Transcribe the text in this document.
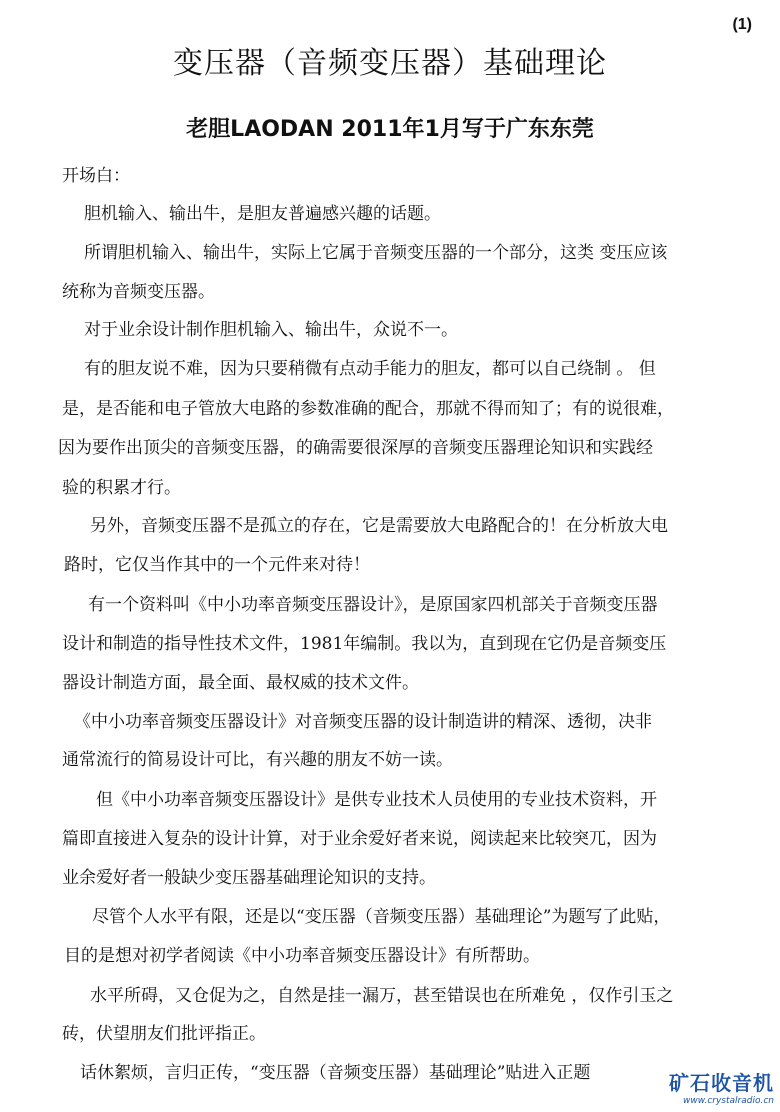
(1)
变压器（音频变压器）基础理论
老胆LAODAN 2011年1月写于广东东莞
开场白：
胆机输入、输出牛，是胆友普遍感兴趣的话题。
所谓胆机输入、输出牛，实际上它属于音频变压器的一个部分，这类 变压应该
统称为音频变压器。
对于业余设计制作胆机输入、输出牛，众说不一。
有的胆友说不难，因为只要稍微有点动手能力的胆友，都可以自己绕制 。 但
是，是否能和电子管放大电路的参数准确的配合，那就不得而知了；有的说很难，
因为要作出顶尖的音频变压器，的确需要很深厚的音频变压器理论知识和实践经
验的积累才行。
另外，音频变压器不是孤立的存在，它是需要放大电路配合的！在分析放大电
路时，它仅当作其中的一个元件来对待！
有一个资料叫《中小功率音频变压器设计》，是原国家四机部关于音频变压器
设计和制造的指导性技术文件，1981年编制。我以为，直到现在它仍是音频变压
器设计制造方面，最全面、最权威的技术文件。
《中小功率音频变压器设计》对音频变压器的设计制造讲的精深、透彻，决非
通常流行的简易设计可比，有兴趣的朋友不妨一读。
但《中小功率音频变压器设计》是供专业技术人员使用的专业技术资料，开
篇即直接进入复杂的设计计算，对于业余爱好者来说，阅读起来比较突兀，因为
业余爱好者一般缺少变压器基础理论知识的支持。
尽管个人水平有限，还是以“变压器（音频变压器）基础理论”为题写了此贴，
目的是想对初学者阅读《中小功率音频变压器设计》有所帮助。
水平所碍，又仓促为之，自然是挂一漏万，甚至错误也在所难免 ，仅作引玉之
砖，伏望朋友们批评指正。
话休絮烦，言归正传，“变压器（音频变压器）基础理论”贴进入正题	矿石收音机
www.crystalradio.cn
